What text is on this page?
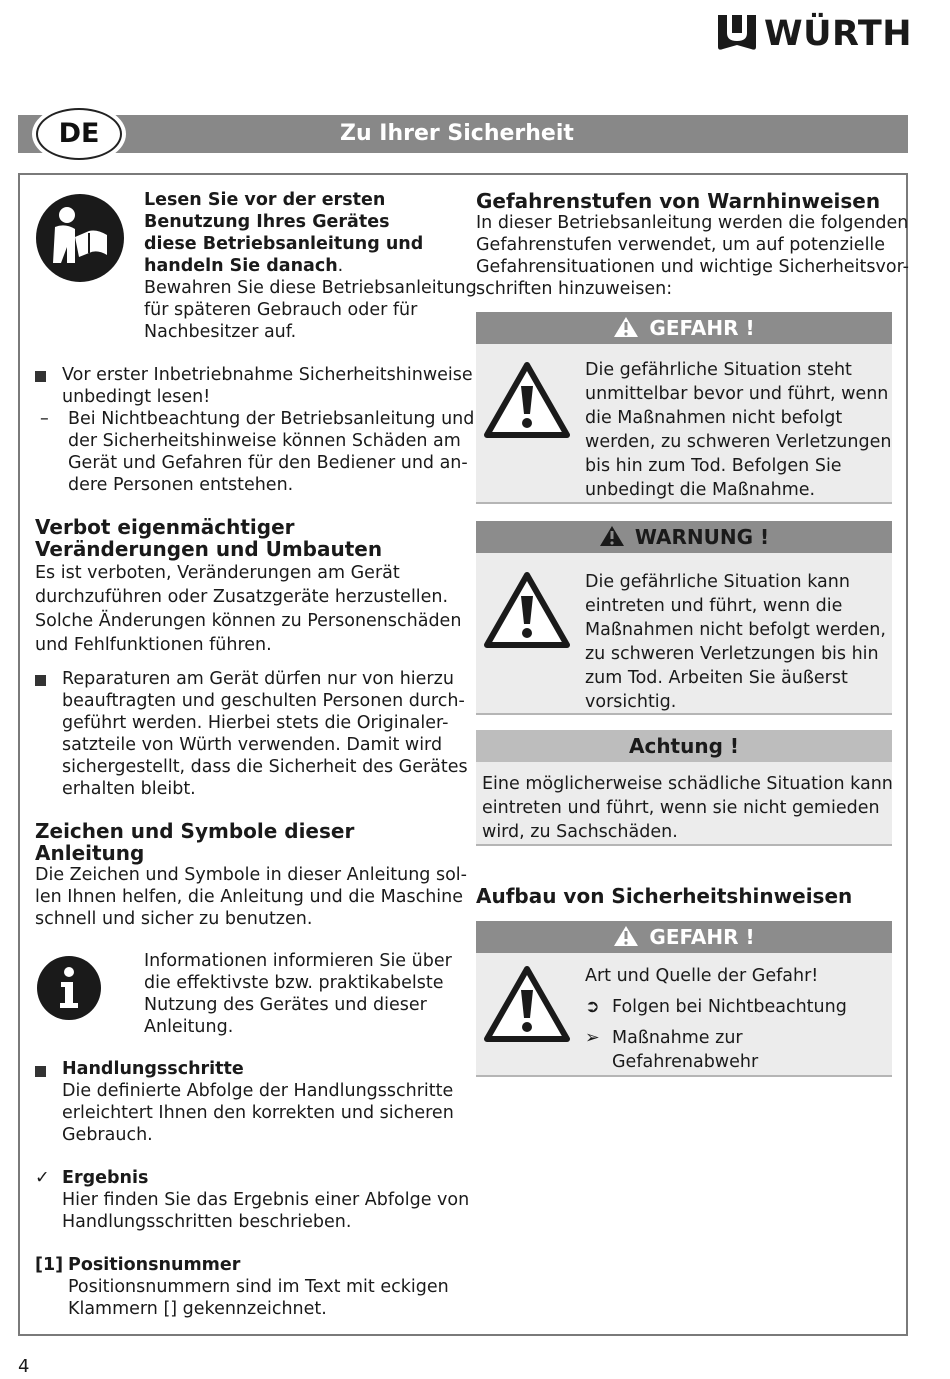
WÜRTH
DE	Zu Ihrer Sicherheit
Lesen Sie vor der ersten
Benutzung Ihres Gerätes
diese Betriebsanleitung und
handeln Sie danach.
Bewahren Sie diese Betriebsanleitung
für späteren Gebrauch oder für
Nachbesitzer auf.
Vor erster Inbetriebnahme Sicherheitshinweise
unbedingt lesen!
– Bei Nichtbeachtung der Betriebsanleitung und
der Sicherheitshinweise können Schäden am
Gerät und Gefahren für den Bediener und an-
dere Personen entstehen.
Verbot eigenmächtiger
Veränderungen und Umbauten
Es ist verboten, Veränderungen am Gerät
durchzuführen oder Zusatzgeräte herzustellen.
Solche Änderungen können zu Personenschäden
und Fehlfunktionen führen.
Reparaturen am Gerät dürfen nur von hierzu
beauftragten und geschulten Personen durch-
geführt werden. Hierbei stets die Originaler-
satzteile von Würth verwenden. Damit wird
sichergestellt, dass die Sicherheit des Gerätes
erhalten bleibt.
Zeichen und Symbole dieser
Anleitung
Die Zeichen und Symbole in dieser Anleitung sol-
len Ihnen helfen, die Anleitung und die Maschine
schnell und sicher zu benutzen.
Informationen informieren Sie über
die effektivste bzw. praktikabelste
Nutzung des Gerätes und dieser
Anleitung.
Handlungsschritte
Die definierte Abfolge der Handlungsschritte
erleichtert Ihnen den korrekten und sicheren
Gebrauch.
✓ Ergebnis
Hier finden Sie das Ergebnis einer Abfolge von
Handlungsschritten beschrieben.
[1] Positionsnummer
Positionsnummern sind im Text mit eckigen
Klammern [] gekennzeichnet.
Gefahrenstufen von Warnhinweisen
In dieser Betriebsanleitung werden die folgenden
Gefahrenstufen verwendet, um auf potenzielle
Gefahrensituationen und wichtige Sicherheitsvor-
schriften hinzuweisen:
GEFAHR !
Die gefährliche Situation steht
unmittelbar bevor und führt, wenn
die Maßnahmen nicht befolgt
werden, zu schweren Verletzungen
bis hin zum Tod. Befolgen Sie
unbedingt die Maßnahme.
WARNUNG !
Die gefährliche Situation kann
eintreten und führt, wenn die
Maßnahmen nicht befolgt werden,
zu schweren Verletzungen bis hin
zum Tod. Arbeiten Sie äußerst
vorsichtig.
Achtung !
Eine möglicherweise schädliche Situation kann
eintreten und führt, wenn sie nicht gemieden
wird, zu Sachschäden.
Aufbau von Sicherheitshinweisen
GEFAHR !
Art und Quelle der Gefahr!
➲ Folgen bei Nichtbeachtung
➢ Maßnahme zur
Gefahrenabwehr
4
